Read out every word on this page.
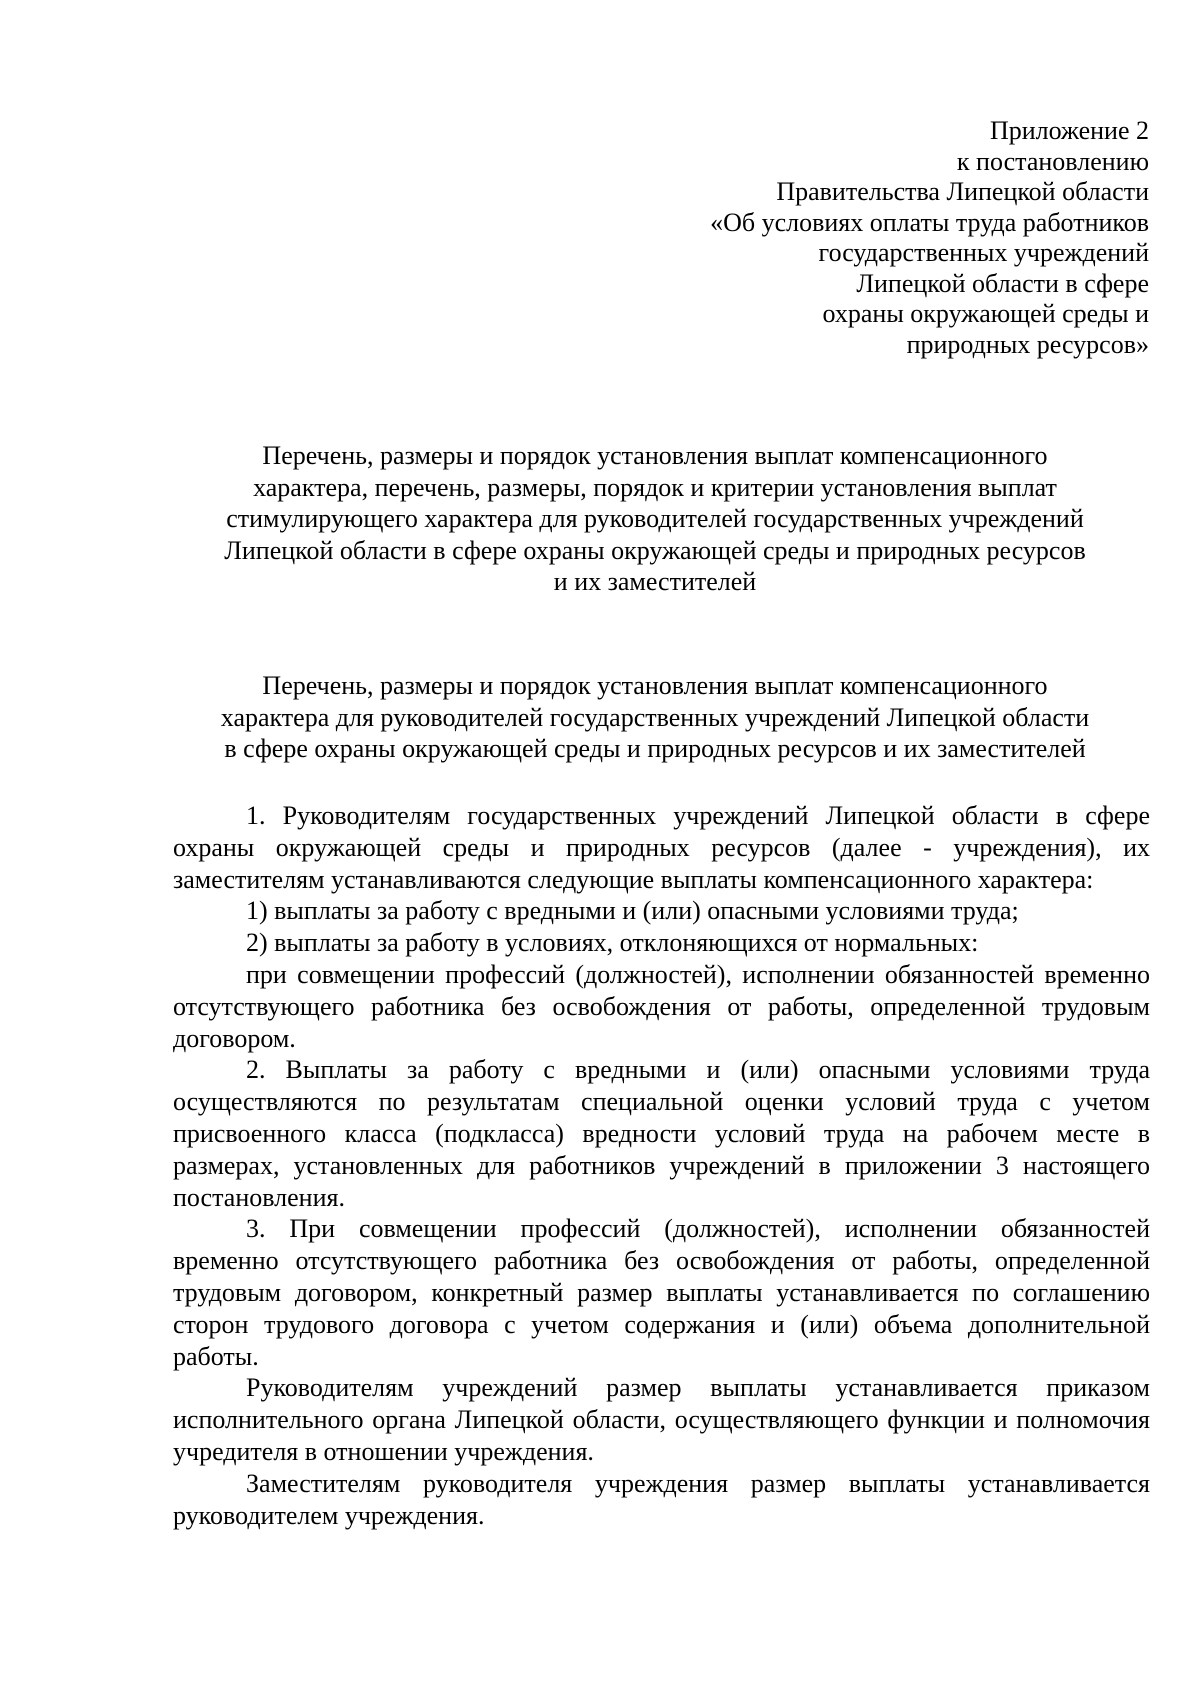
Приложение 2
к постановлению
Правительства Липецкой области
«Об условиях оплаты труда работников
государственных учреждений
Липецкой области в сфере
охраны окружающей среды и
природных ресурсов»
Перечень, размеры и порядок установления выплат компенсационного
характера, перечень, размеры, порядок и критерии установления выплат
стимулирующего характера для руководителей государственных учреждений
Липецкой области в сфере охраны окружающей среды и природных ресурсов
и их заместителей
Перечень, размеры и порядок установления выплат компенсационного
характера для руководителей государственных учреждений Липецкой области
в сфере охраны окружающей среды и природных ресурсов и их заместителей

1. Руководителям государственных учреждений Липецкой области в сфере охраны окружающей среды и природных ресурсов (далее - учреждения), их заместителям устанавливаются следующие выплаты компенсационного характера:

1) выплаты за работу с вредными и (или) опасными условиями труда;

2) выплаты за работу в условиях, отклоняющихся от нормальных:

при совмещении профессий (должностей), исполнении обязанностей временно отсутствующего работника без освобождения от работы, определенной трудовым договором.

2. Выплаты за работу с вредными и (или) опасными условиями труда осуществляются по результатам специальной оценки условий труда с учетом присвоенного класса (подкласса) вредности условий труда на рабочем месте в размерах, установленных для работников учреждений в приложении 3 настоящего постановления.

3. При совмещении профессий (должностей), исполнении обязанностей временно отсутствующего работника без освобождения от работы, определенной трудовым договором, конкретный размер выплаты устанавливается по соглашению сторон трудового договора с учетом содержания и (или) объема дополнительной работы.

Руководителям учреждений размер выплаты устанавливается приказом исполнительного органа Липецкой области, осуществляющего функции и полномочия учредителя в отношении учреждения.

Заместителям руководителя учреждения размер выплаты устанавливается руководителем учреждения.
